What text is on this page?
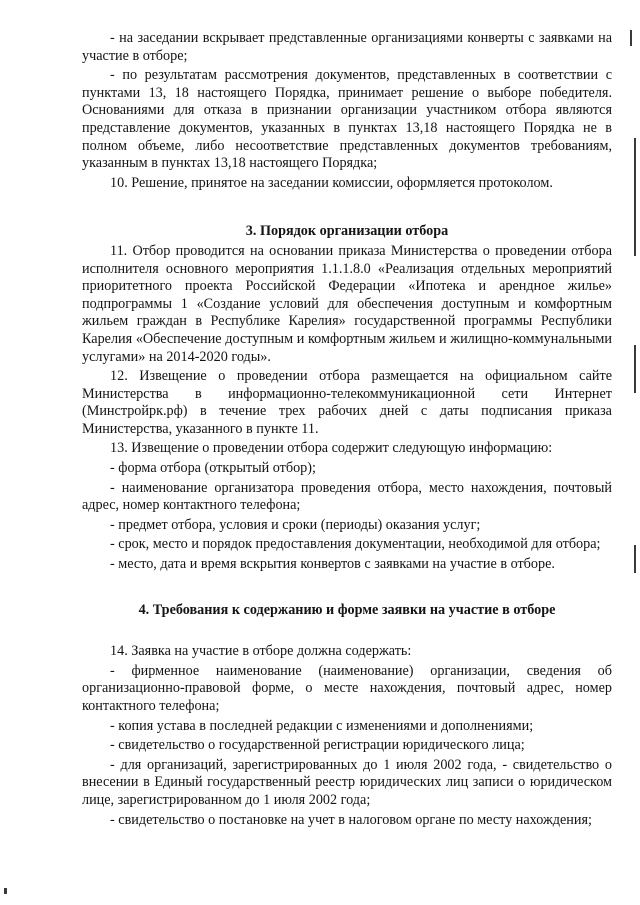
- на заседании вскрывает представленные организациями конверты с заявками на участие в отборе;

- по результатам рассмотрения документов, представленных в соответствии с пунктами 13, 18 настоящего Порядка, принимает решение о выборе победителя. Основаниями для отказа в признании организации участником отбора являются представление документов, указанных в пунктах 13,18 настоящего Порядка не в полном объеме, либо несоответствие представленных документов требованиям, указанным в пунктах 13,18 настоящего Порядка;

10. Решение, принятое на заседании комиссии, оформляется протоколом.

3. Порядок организации отбора

11. Отбор проводится на основании приказа Министерства о проведении отбора исполнителя основного мероприятия 1.1.1.8.0 «Реализация отдельных мероприятий приоритетного проекта Российской Федерации «Ипотека и арендное жилье» подпрограммы 1 «Создание условий для обеспечения доступным и комфортным жильем граждан в Республике Карелия» государственной программы Республики Карелия «Обеспечение доступным и комфортным жильем и жилищно-коммунальными услугами» на 2014-2020 годы».

12. Извещение о проведении отбора размещается на официальном сайте Министерства в информационно-телекоммуникационной сети Интернет (Минстройрк.рф) в течение трех рабочих дней с даты подписания приказа Министерства, указанного в пункте 11.

13. Извещение о проведении отбора содержит следующую информацию:

- форма отбора (открытый отбор);

- наименование организатора проведения отбора, место нахождения, почтовый адрес, номер контактного телефона;

- предмет отбора, условия и сроки (периоды) оказания услуг;

- срок, место и порядок предоставления документации, необходимой для отбора;

- место, дата и время вскрытия конвертов с заявками на участие в отборе.

4. Требования к содержанию и форме заявки на участие в отборе

14. Заявка на участие в отборе должна содержать:

- фирменное наименование (наименование) организации, сведения об организационно-правовой форме, о месте нахождения, почтовый адрес, номер контактного телефона;

- копия устава в последней редакции с изменениями и дополнениями;

- свидетельство о государственной регистрации юридического лица;

- для организаций, зарегистрированных до 1 июля 2002 года, - свидетельство о внесении в Единый государственный реестр юридических лиц записи о юридическом лице, зарегистрированном до 1 июля 2002 года;

- свидетельство о постановке на учет в налоговом органе по месту нахождения;
